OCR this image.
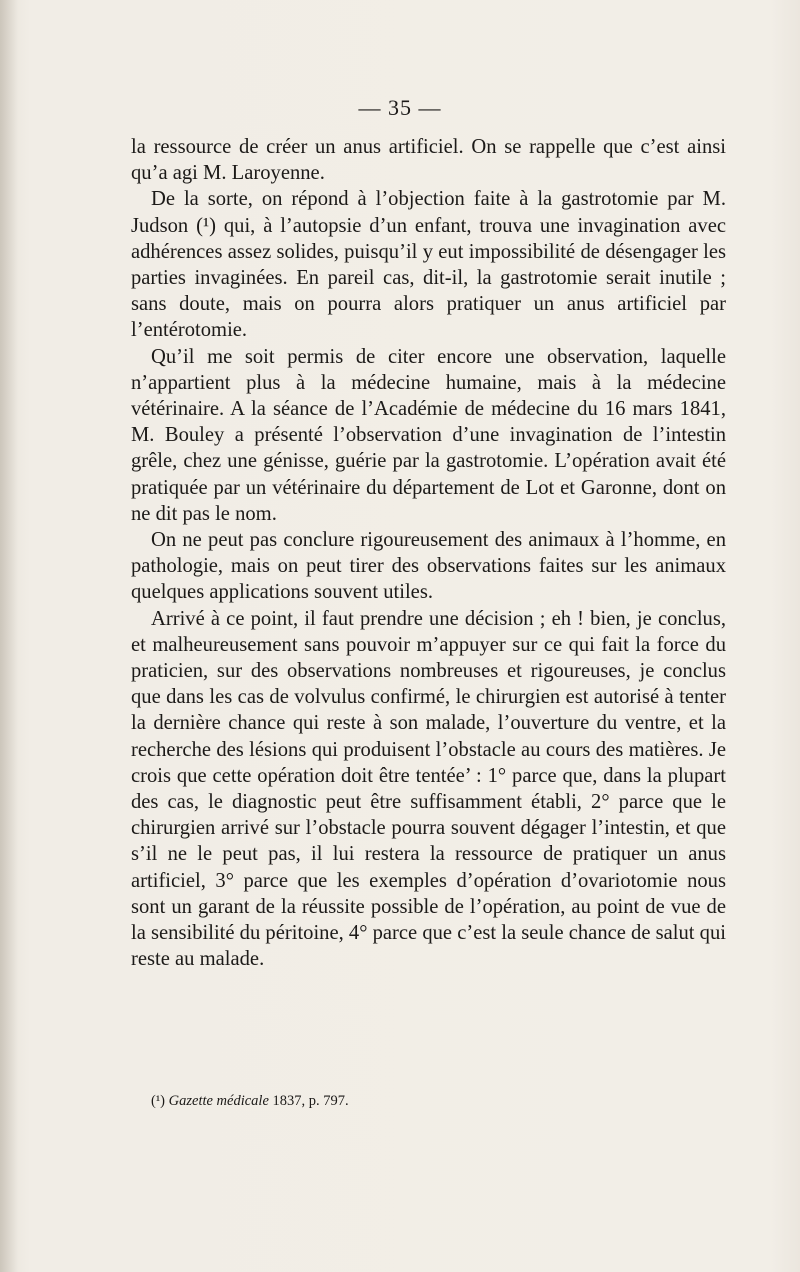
— 35 —

la ressource de créer un anus artificiel. On se rappelle que c’est ainsi qu’a agi M. Laroyenne.

De la sorte, on répond à l’objection faite à la gastrotomie par M. Judson (¹) qui, à l’autopsie d’un enfant, trouva une invagination avec adhérences assez solides, puisqu’il y eut impossibilité de désengager les parties invaginées. En pareil cas, dit-il, la gastrotomie serait inutile ; sans doute, mais on pourra alors pratiquer un anus artificiel par l’entérotomie.

Qu’il me soit permis de citer encore une observation, laquelle n’appartient plus à la médecine humaine, mais à la médecine vétérinaire. A la séance de l’Académie de médecine du 16 mars 1841, M. Bouley a présenté l’observation d’une invagination de l’intestin grêle, chez une génisse, guérie par la gastrotomie. L’opération avait été pratiquée par un vétérinaire du département de Lot et Garonne, dont on ne dit pas le nom.

On ne peut pas conclure rigoureusement des animaux à l’homme, en pathologie, mais on peut tirer des observations faites sur les animaux quelques applications souvent utiles.

Arrivé à ce point, il faut prendre une décision ; eh ! bien, je conclus, et malheureusement sans pouvoir m’appuyer sur ce qui fait la force du praticien, sur des observations nombreuses et rigoureuses, je conclus que dans les cas de volvulus confirmé, le chirurgien est autorisé à tenter la dernière chance qui reste à son malade, l’ouverture du ventre, et la recherche des lésions qui produisent l’obstacle au cours des matières. Je crois que cette opération doit être tentée’ : 1° parce que, dans la plupart des cas, le diagnostic peut être suffisamment établi, 2° parce que le chirurgien arrivé sur l’obstacle pourra souvent dégager l’intestin, et que s’il ne le peut pas, il lui restera la ressource de pratiquer un anus artificiel, 3° parce que les exemples d’opération d’ovariotomie nous sont un garant de la réussite possible de l’opération, au point de vue de la sensibilité du péritoine, 4° parce que c’est la seule chance de salut qui reste au malade.

(¹) Gazette médicale 1837, p. 797.
